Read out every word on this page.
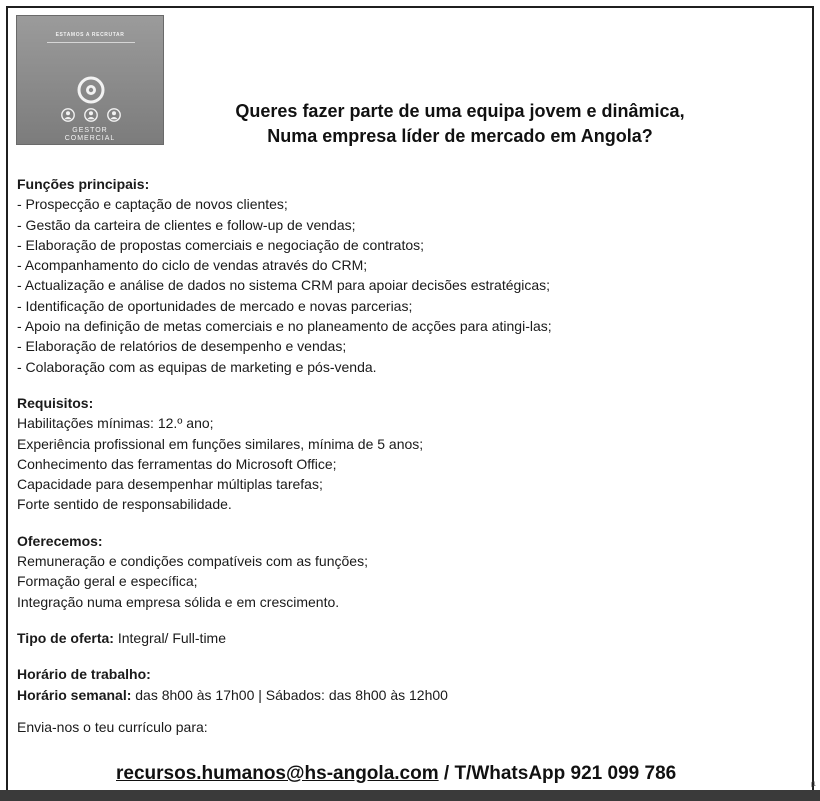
ESTAMOS A RECRUTAR
GESTOR
COMERCIAL
Queres fazer parte de uma equipa jovem e dinâmica,
Numa empresa líder de mercado em Angola?
Funções principais:
- Prospecção e captação de novos clientes;
- Gestão da carteira de clientes e follow-up de vendas;
- Elaboração de propostas comerciais e negociação de contratos;
- Acompanhamento do ciclo de vendas através do CRM;
- Actualização e análise de dados no sistema CRM para apoiar decisões estratégicas;
- Identificação de oportunidades de mercado e novas parcerias;
- Apoio na definição de metas comerciais e no planeamento de acções para atingi-las;
- Elaboração de relatórios de desempenho e vendas;
- Colaboração com as equipas de marketing e pós-venda.
Requisitos:
Habilitações mínimas: 12.º ano;
Experiência profissional em funções similares, mínima de 5 anos;
Conhecimento das ferramentas do Microsoft Office;
Capacidade para desempenhar múltiplas tarefas;
Forte sentido de responsabilidade.
Oferecemos:
Remuneração e condições compatíveis com as funções;
Formação geral e específica;
Integração numa empresa sólida e em crescimento.
Tipo de oferta: Integral/ Full-time
Horário de trabalho:
Horário semanal: das 8h00 às 17h00 | Sábados: das 8h00 às 12h00
Envia-nos o teu currículo para:
recursos.humanos@hs-angola.com / T/WhatsApp 921 099 786
(1
